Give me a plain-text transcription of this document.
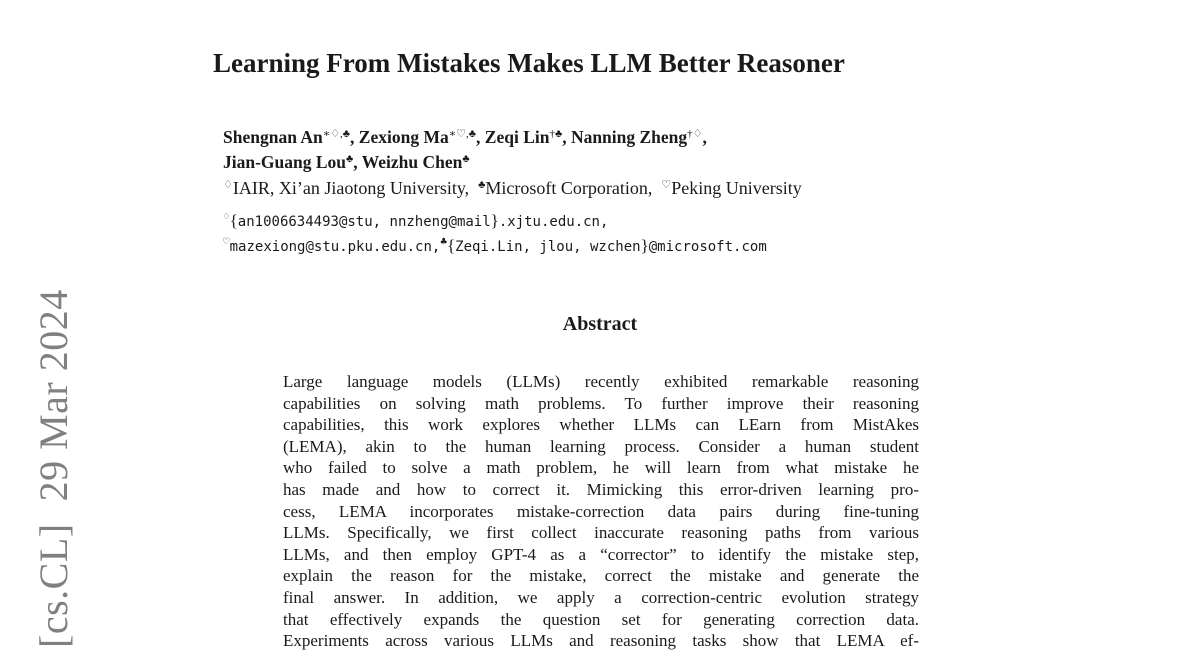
[cs.CL]29 Mar 2024
Learning From Mistakes Makes LLM Better Reasoner
Shengnan An∗♢,♣, Zexiong Ma∗♡,♣, Zeqi Lin†♣, Nanning Zheng†♢,
Jian-Guang Lou♣, Weizhu Chen♣
♢IAIR, Xi’an Jiaotong University, ♣Microsoft Corporation, ♡Peking University
♢{an1006634493@stu, nnzheng@mail}.xjtu.edu.cn,
♡mazexiong@stu.pku.edu.cn,♣{Zeqi.Lin, jlou, wzchen}@microsoft.com
Abstract
Large language models (LLMs) recently exhibited remarkable reasoning
capabilities on solving math problems. To further improve their reasoning
capabilities, this work explores whether LLMs can LEarn from MistAkes
(LEMA), akin to the human learning process. Consider a human student
who failed to solve a math problem, he will learn from what mistake he
has made and how to correct it. Mimicking this error-driven learning pro-
cess, LEMA incorporates mistake-correction data pairs during fine-tuning
LLMs. Specifically, we first collect inaccurate reasoning paths from various
LLMs, and then employ GPT-4 as a “corrector” to identify the mistake step,
explain the reason for the mistake, correct the mistake and generate the
final answer. In addition, we apply a correction-centric evolution strategy
that effectively expands the question set for generating correction data.
Experiments across various LLMs and reasoning tasks show that LEMA ef-
